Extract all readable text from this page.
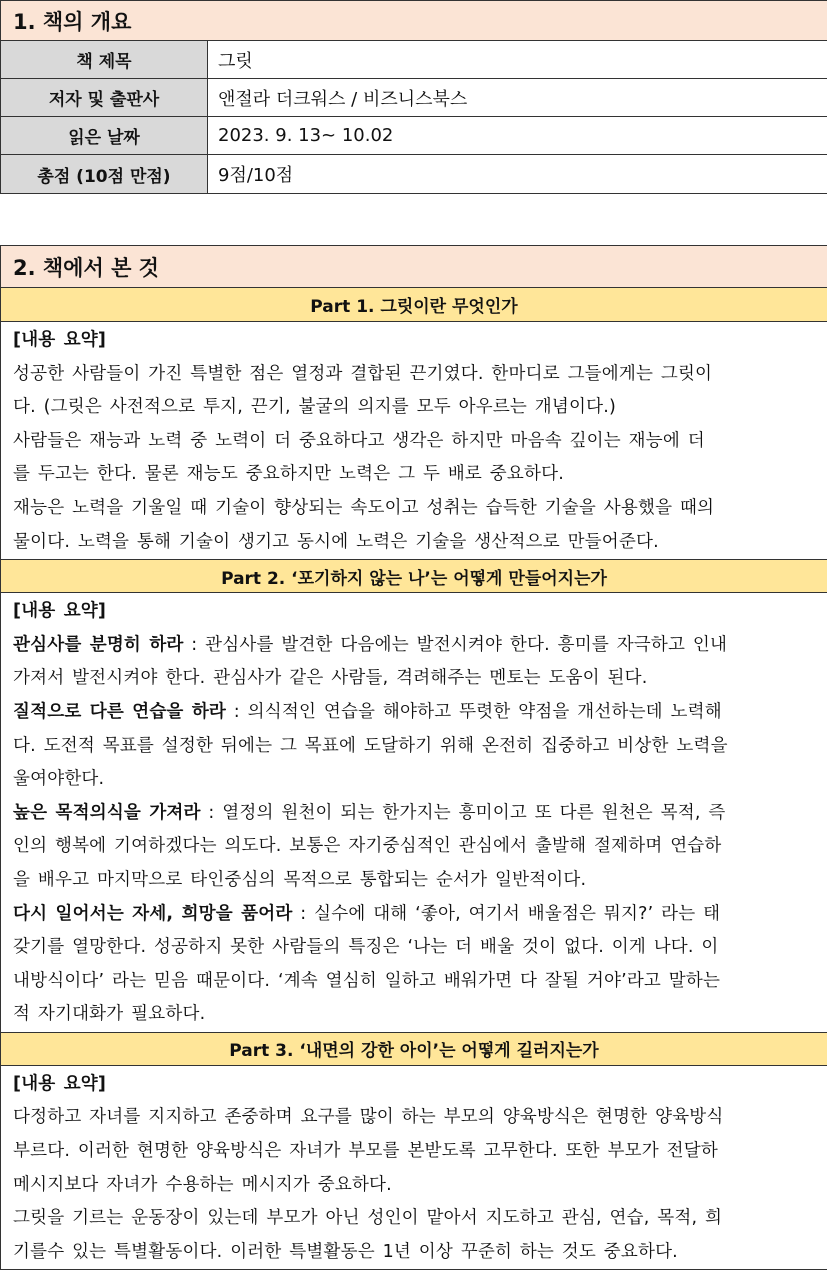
1. 책의 개요
책 제목	그릿
저자 및 출판사	앤절라 더크워스 / 비즈니스북스
읽은 날짜	2023. 9. 13~ 10.02
총점 (10점 만점)	9점/10점
2. 책에서 본 것
Part 1. 그릿이란 무엇인가
[내용 요약]
성공한 사람들이 가진 특별한 점은 열정과 결합된 끈기였다. 한마디로 그들에게는 그릿이
다. (그릿은 사전적으로 투지, 끈기, 불굴의 의지를 모두 아우르는 개념이다.)
사람들은 재능과 노력 중 노력이 더 중요하다고 생각은 하지만 마음속 깊이는 재능에 더
를 두고는 한다. 물론 재능도 중요하지만 노력은 그 두 배로 중요하다.
재능은 노력을 기울일 때 기술이 향상되는 속도이고 성취는 습득한 기술을 사용했을 때의
물이다. 노력을 통해 기술이 생기고 동시에 노력은 기술을 생산적으로 만들어준다.
Part 2. ‘포기하지 않는 나’는 어떻게 만들어지는가
[내용 요약]
관심사를 분명히 하라 : 관심사를 발견한 다음에는 발전시켜야 한다. 흥미를 자극하고 인내
가져서 발전시켜야 한다. 관심사가 같은 사람들, 격려해주는 멘토는 도움이 된다.
질적으로 다른 연습을 하라 : 의식적인 연습을 해야하고 뚜렷한 약점을 개선하는데 노력해
다. 도전적 목표를 설정한 뒤에는 그 목표에 도달하기 위해 온전히 집중하고 비상한 노력을
울여야한다.
높은 목적의식을 가져라 : 열정의 원천이 되는 한가지는 흥미이고 또 다른 원천은 목적, 즉
인의 행복에 기여하겠다는 의도다. 보통은 자기중심적인 관심에서 출발해 절제하며 연습하
을 배우고 마지막으로 타인중심의 목적으로 통합되는 순서가 일반적이다.
다시 일어서는 자세, 희망을 품어라 : 실수에 대해 ‘좋아, 여기서 배울점은 뭐지?’ 라는 태
갖기를 열망한다. 성공하지 못한 사람들의 특징은 ‘나는 더 배울 것이 없다. 이게 나다. 이
내방식이다’ 라는 믿음 때문이다. ‘계속 열심히 일하고 배워가면 다 잘될 거야’라고 말하는
적 자기대화가 필요하다.
Part 3. ‘내면의 강한 아이’는 어떻게 길러지는가
[내용 요약]
다정하고 자녀를 지지하고 존중하며 요구를 많이 하는 부모의 양육방식은 현명한 양육방식
부르다. 이러한 현명한 양육방식은 자녀가 부모를 본받도록 고무한다. 또한 부모가 전달하
메시지보다 자녀가 수용하는 메시지가 중요하다.
그릿을 기르는 운동장이 있는데 부모가 아닌 성인이 맡아서 지도하고 관심, 연습, 목적, 희
기를수 있는 특별활동이다. 이러한 특별활동은 1년 이상 꾸준히 하는 것도 중요하다.
